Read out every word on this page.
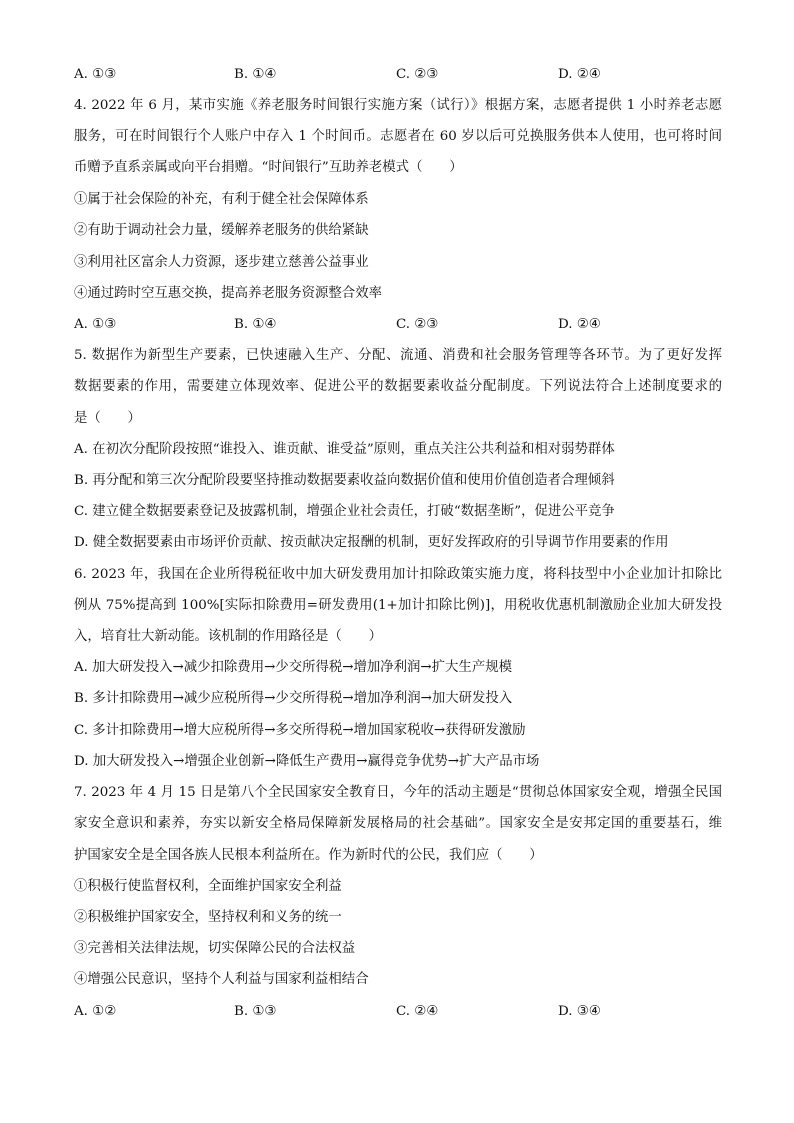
A. ①③	B. ①④	C. ②③	D. ②④
4. 2022 年 6 月，某市实施《养老服务时间银行实施方案（试行）》根据方案，志愿者提供 1 小时养老志愿
服务，可在时间银行个人账户中存入 1 个时间币。志愿者在 60 岁以后可兑换服务供本人使用，也可将时间
币赠予直系亲属或向平台捐赠。“时间银行”互助养老模式（　　）
①属于社会保险的补充，有利于健全社会保障体系
②有助于调动社会力量，缓解养老服务的供给紧缺
③利用社区富余人力资源，逐步建立慈善公益事业
④通过跨时空互惠交换，提高养老服务资源整合效率
A. ①③	B. ①④	C. ②③	D. ②④
5. 数据作为新型生产要素，已快速融入生产、分配、流通、消费和社会服务管理等各环节。为了更好发挥
数据要素的作用，需要建立体现效率、促进公平的数据要素收益分配制度。下列说法符合上述制度要求的
是（　　）
A. 在初次分配阶段按照“谁投入、谁贡献、谁受益”原则，重点关注公共利益和相对弱势群体
B. 再分配和第三次分配阶段要坚持推动数据要素收益向数据价值和使用价值创造者合理倾斜
C. 建立健全数据要素登记及披露机制，增强企业社会责任，打破“数据垄断”，促进公平竞争
D. 健全数据要素由市场评价贡献、按贡献决定报酬的机制，更好发挥政府的引导调节作用要素的作用
6. 2023 年，我国在企业所得税征收中加大研发费用加计扣除政策实施力度，将科技型中小企业加计扣除比
例从 75%提高到 100%[实际扣除费用=研发费用(1+加计扣除比例)]，用税收优惠机制激励企业加大研发投
入，培育壮大新动能。该机制的作用路径是（　　）
A. 加大研发投入→减少扣除费用→少交所得税→增加净利润→扩大生产规模
B. 多计扣除费用→减少应税所得→少交所得税→增加净利润→加大研发投入
C. 多计扣除费用→增大应税所得→多交所得税→增加国家税收→获得研发激励
D. 加大研发投入→增强企业创新→降低生产费用→赢得竞争优势→扩大产品市场
7. 2023 年 4 月 15 日是第八个全民国家安全教育日，今年的活动主题是“贯彻总体国家安全观，增强全民国
家安全意识和素养，夯实以新安全格局保障新发展格局的社会基础”。国家安全是安邦定国的重要基石，维
护国家安全是全国各族人民根本利益所在。作为新时代的公民，我们应（　　）
①积极行使监督权利，全面维护国家安全利益
②积极维护国家安全，坚持权利和义务的统一
③完善相关法律法规，切实保障公民的合法权益
④增强公民意识，坚持个人利益与国家利益相结合
A. ①②	B. ①③	C. ②④	D. ③④
